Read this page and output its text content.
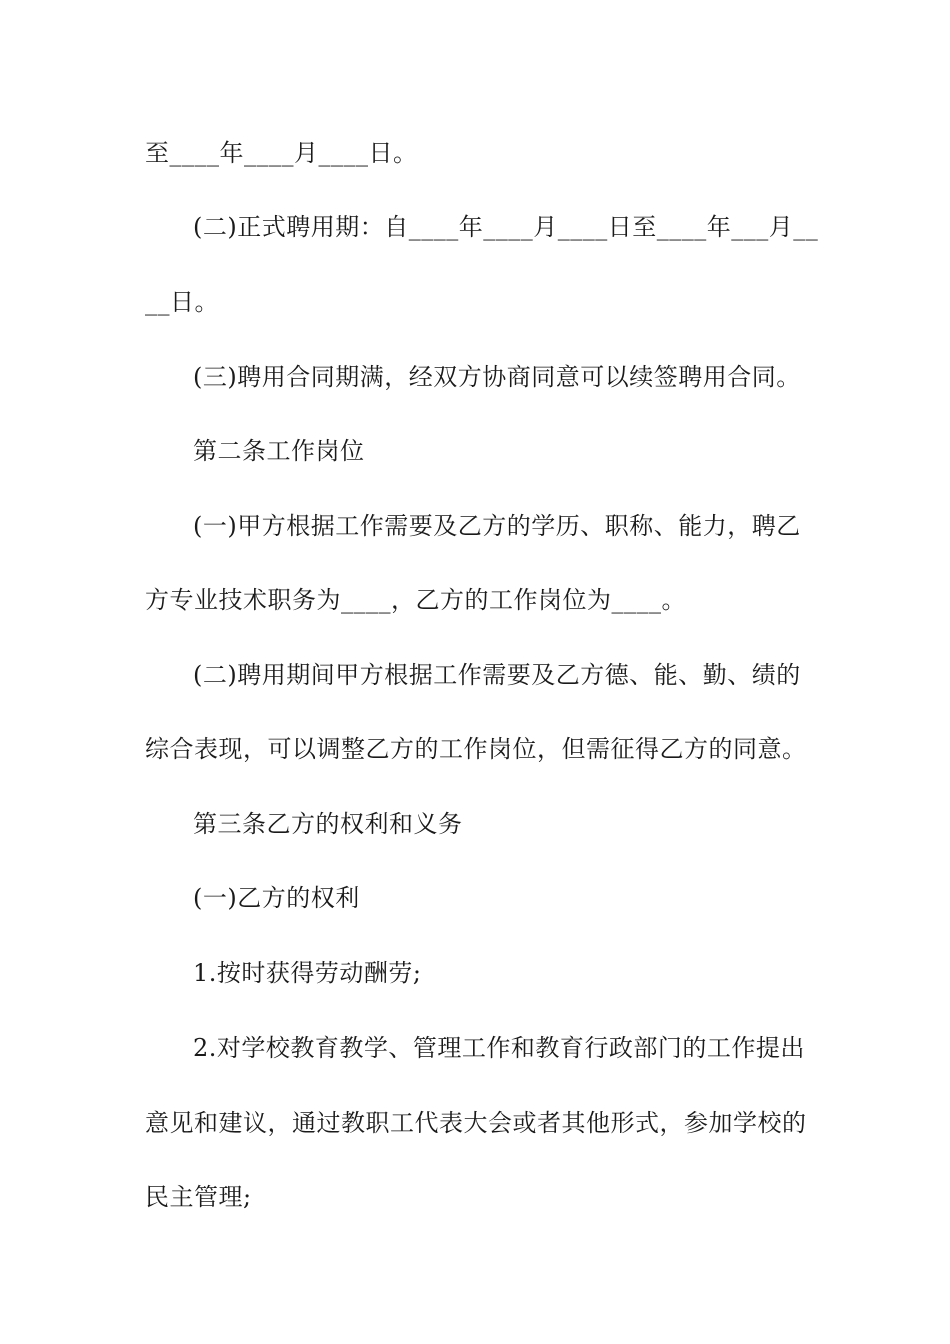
至____年____月____日。
(二)正式聘用期：自____年____月____日至____年___月__
__日。
(三)聘用合同期满，经双方协商同意可以续签聘用合同。
第二条工作岗位
(一)甲方根据工作需要及乙方的学历、职称、能力，聘乙
方专业技术职务为____，乙方的工作岗位为____。
(二)聘用期间甲方根据工作需要及乙方德、能、勤、绩的
综合表现，可以调整乙方的工作岗位，但需征得乙方的同意。
第三条乙方的权利和义务
(一)乙方的权利
1.按时获得劳动酬劳;
2.对学校教育教学、管理工作和教育行政部门的工作提出
意见和建议，通过教职工代表大会或者其他形式，参加学校的
民主管理;
